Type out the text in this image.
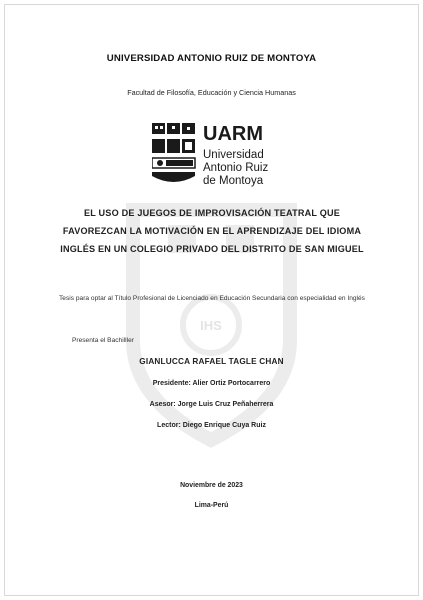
IHS
UNIVERSIDAD ANTONIO RUIZ DE MONTOYA
Facultad de Filosofía, Educación y Ciencia Humanas
UARM
Universidad
Antonio Ruiz
de Montoya
EL USO DE JUEGOS DE IMPROVISACIÓN TEATRAL QUE FAVOREZCAN LA MOTIVACIÓN EN EL APRENDIZAJE DEL IDIOMA INGLÉS EN UN COLEGIO PRIVADO DEL DISTRITO DE SAN MIGUEL
Tesis para optar al Título Profesional de Licenciado en Educación Secundaria con especialidad en Inglés
Presenta el Bachilller
GIANLUCCA RAFAEL TAGLE CHAN
Presidente: Alier Ortiz Portocarrero
Asesor: Jorge Luis Cruz Peñaherrera
Lector: Diego Enrique Cuya Ruiz
Noviembre de 2023
Lima-Perú
